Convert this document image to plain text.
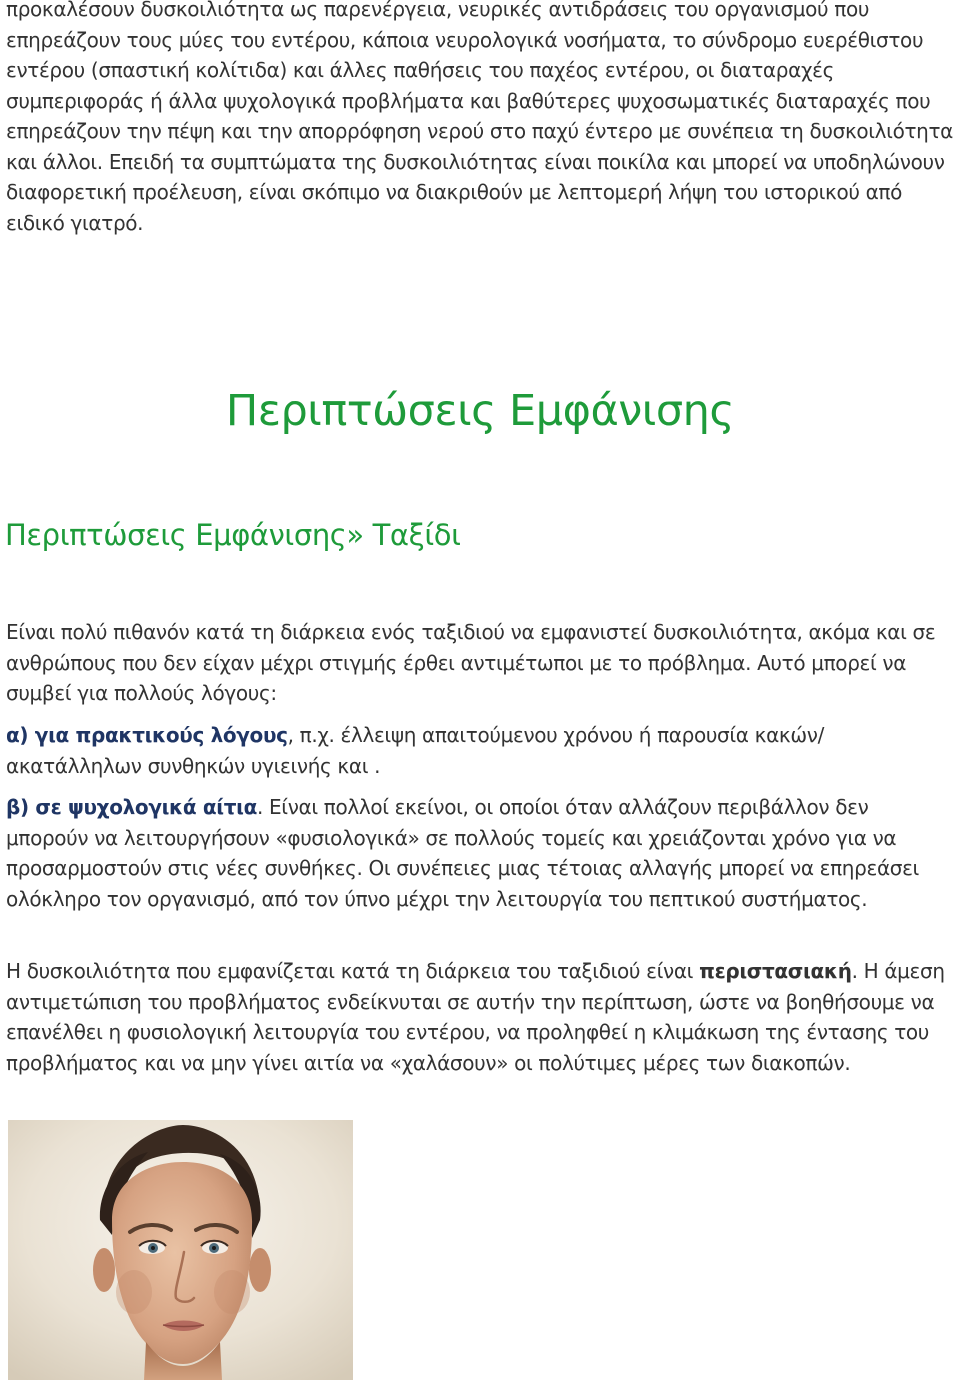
προκαλέσουν δυσκοιλιότητα ως παρενέργεια, νευρικές αντιδράσεις του οργανισμού που επηρεάζουν τους μύες του εντέρου, κάποια νευρολογικά νοσήματα, το σύνδρομο ευερέθιστου εντέρου (σπαστική κολίτιδα) και άλλες παθήσεις του παχέος εντέρου, οι διαταραχές συμπεριφοράς ή άλλα ψυχολογικά προβλήματα και βαθύτερες ψυχοσωματικές διαταραχές που επηρεάζουν την πέψη και την απορρόφηση νερού στο παχύ έντερο με συνέπεια τη δυσκοιλιότητα και άλλοι. Επειδή τα συμπτώματα της δυσκοιλιότητας είναι ποικίλα και μπορεί να υποδηλώνουν διαφορετική προέλευση, είναι σκόπιμο να διακριθούν με λεπτομερή λήψη του ιστορικού από ειδικό γιατρό.

Περιπτώσεις Εμφάνισης
Περιπτώσεις Εμφάνισης» Ταξίδι

Είναι πολύ πιθανόν κατά τη διάρκεια ενός ταξιδιού να εμφανιστεί δυσκοιλιότητα, ακόμα και σε ανθρώπους που δεν είχαν μέχρι στιγμής έρθει αντιμέτωποι με το πρόβλημα. Αυτό μπορεί να συμβεί για πολλούς λόγους:

α) για πρακτικούς λόγους, π.χ. έλλειψη απαιτούμενου χρόνου ή παρουσία κακών/ακατάλληλων συνθηκών υγιεινής και .

β) σε ψυχολογικά αίτια. Είναι πολλοί εκείνοι, οι οποίοι όταν αλλάζουν περιβάλλον δεν μπορούν να λειτουργήσουν «φυσιολογικά» σε πολλούς τομείς και χρειάζονται χρόνο για να προσαρμοστούν στις νέες συνθήκες. Οι συνέπειες μιας τέτοιας αλλαγής μπορεί να επηρεάσει ολόκληρο τον οργανισμό, από τον ύπνο μέχρι την λειτουργία του πεπτικού συστήματος.

Η δυσκοιλιότητα που εμφανίζεται κατά τη διάρκεια του ταξιδιού είναι περιστασιακή. Η άμεση αντιμετώπιση του προβλήματος ενδείκνυται σε αυτήν την περίπτωση, ώστε να βοηθήσουμε να επανέλθει η φυσιολογική λειτουργία του εντέρου, να προληφθεί η κλιμάκωση της έντασης του προβλήματος και να μην γίνει αιτία να «χαλάσουν» οι πολύτιμες μέρες των διακοπών.
